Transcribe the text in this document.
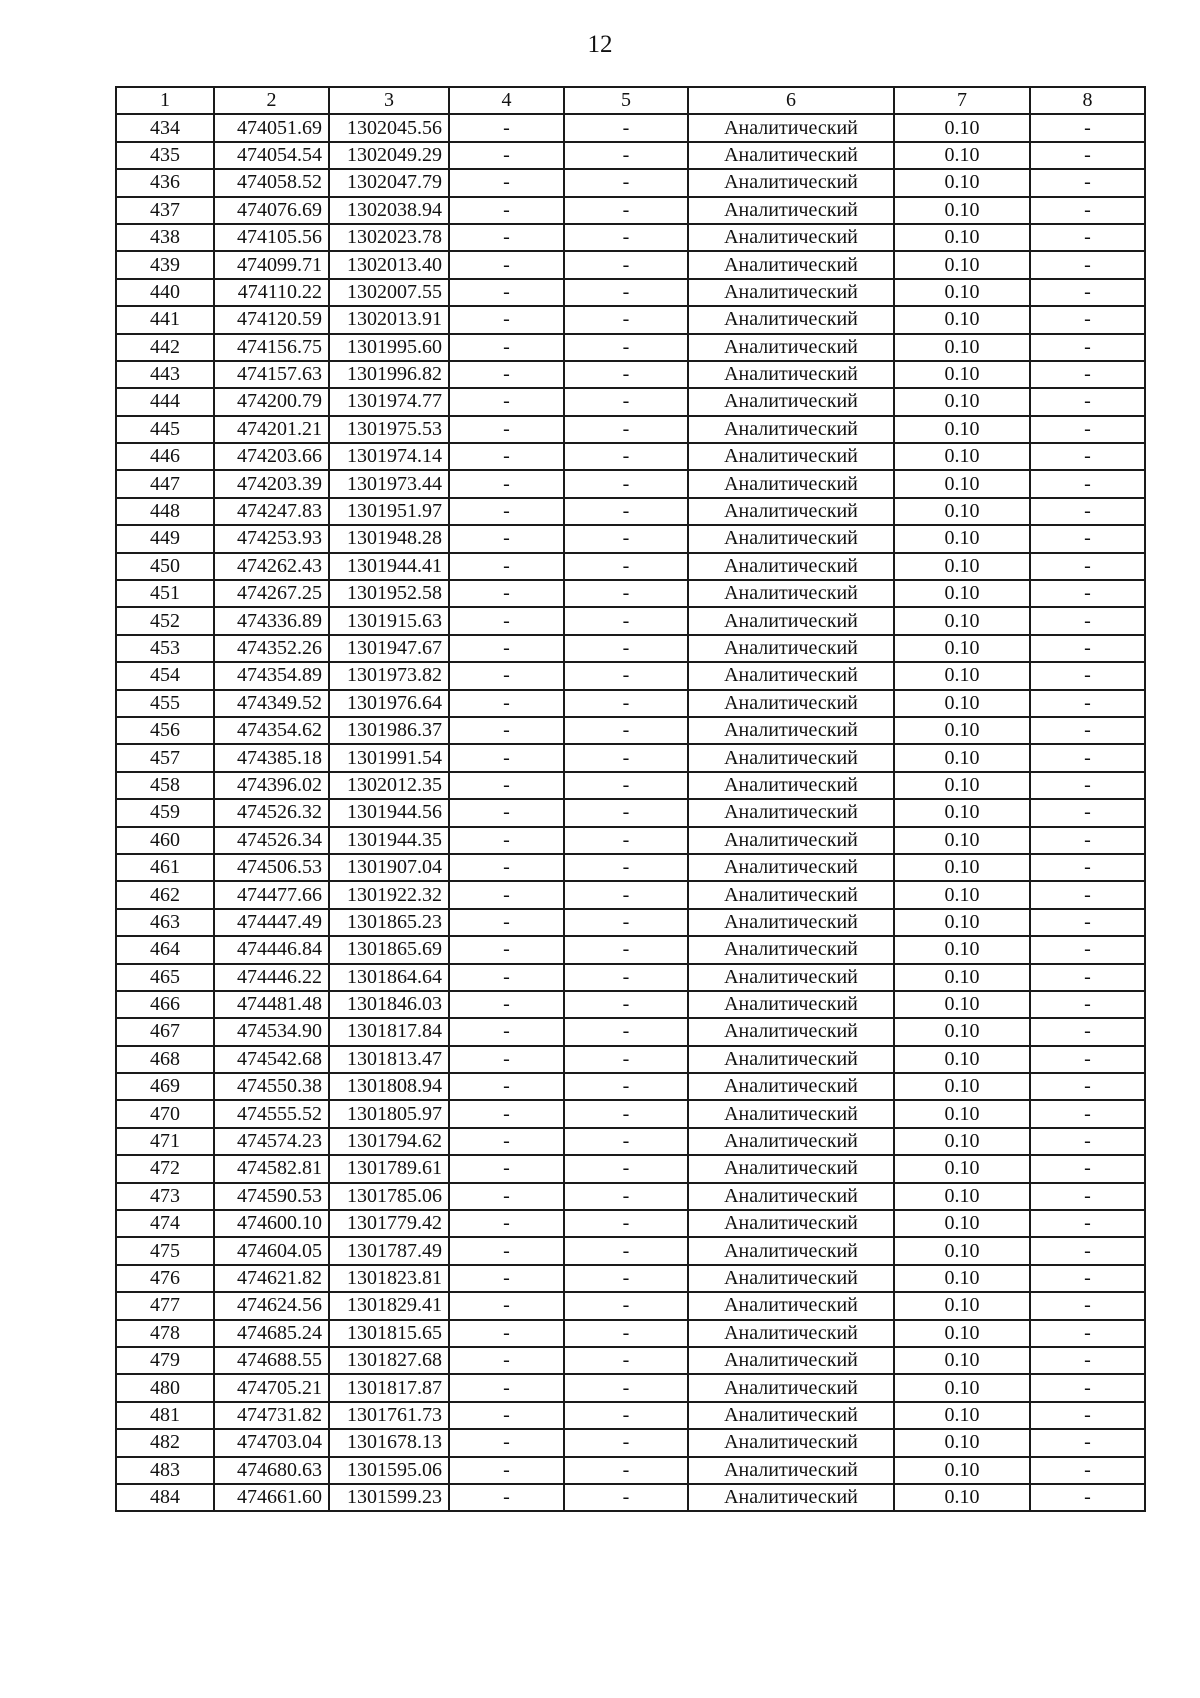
12
1	2	3	4	5	6	7	8
434	474051.69	1302045.56	-	-	Аналитический	0.10	-
435	474054.54	1302049.29	-	-	Аналитический	0.10	-
436	474058.52	1302047.79	-	-	Аналитический	0.10	-
437	474076.69	1302038.94	-	-	Аналитический	0.10	-
438	474105.56	1302023.78	-	-	Аналитический	0.10	-
439	474099.71	1302013.40	-	-	Аналитический	0.10	-
440	474110.22	1302007.55	-	-	Аналитический	0.10	-
441	474120.59	1302013.91	-	-	Аналитический	0.10	-
442	474156.75	1301995.60	-	-	Аналитический	0.10	-
443	474157.63	1301996.82	-	-	Аналитический	0.10	-
444	474200.79	1301974.77	-	-	Аналитический	0.10	-
445	474201.21	1301975.53	-	-	Аналитический	0.10	-
446	474203.66	1301974.14	-	-	Аналитический	0.10	-
447	474203.39	1301973.44	-	-	Аналитический	0.10	-
448	474247.83	1301951.97	-	-	Аналитический	0.10	-
449	474253.93	1301948.28	-	-	Аналитический	0.10	-
450	474262.43	1301944.41	-	-	Аналитический	0.10	-
451	474267.25	1301952.58	-	-	Аналитический	0.10	-
452	474336.89	1301915.63	-	-	Аналитический	0.10	-
453	474352.26	1301947.67	-	-	Аналитический	0.10	-
454	474354.89	1301973.82	-	-	Аналитический	0.10	-
455	474349.52	1301976.64	-	-	Аналитический	0.10	-
456	474354.62	1301986.37	-	-	Аналитический	0.10	-
457	474385.18	1301991.54	-	-	Аналитический	0.10	-
458	474396.02	1302012.35	-	-	Аналитический	0.10	-
459	474526.32	1301944.56	-	-	Аналитический	0.10	-
460	474526.34	1301944.35	-	-	Аналитический	0.10	-
461	474506.53	1301907.04	-	-	Аналитический	0.10	-
462	474477.66	1301922.32	-	-	Аналитический	0.10	-
463	474447.49	1301865.23	-	-	Аналитический	0.10	-
464	474446.84	1301865.69	-	-	Аналитический	0.10	-
465	474446.22	1301864.64	-	-	Аналитический	0.10	-
466	474481.48	1301846.03	-	-	Аналитический	0.10	-
467	474534.90	1301817.84	-	-	Аналитический	0.10	-
468	474542.68	1301813.47	-	-	Аналитический	0.10	-
469	474550.38	1301808.94	-	-	Аналитический	0.10	-
470	474555.52	1301805.97	-	-	Аналитический	0.10	-
471	474574.23	1301794.62	-	-	Аналитический	0.10	-
472	474582.81	1301789.61	-	-	Аналитический	0.10	-
473	474590.53	1301785.06	-	-	Аналитический	0.10	-
474	474600.10	1301779.42	-	-	Аналитический	0.10	-
475	474604.05	1301787.49	-	-	Аналитический	0.10	-
476	474621.82	1301823.81	-	-	Аналитический	0.10	-
477	474624.56	1301829.41	-	-	Аналитический	0.10	-
478	474685.24	1301815.65	-	-	Аналитический	0.10	-
479	474688.55	1301827.68	-	-	Аналитический	0.10	-
480	474705.21	1301817.87	-	-	Аналитический	0.10	-
481	474731.82	1301761.73	-	-	Аналитический	0.10	-
482	474703.04	1301678.13	-	-	Аналитический	0.10	-
483	474680.63	1301595.06	-	-	Аналитический	0.10	-
484	474661.60	1301599.23	-	-	Аналитический	0.10	-
